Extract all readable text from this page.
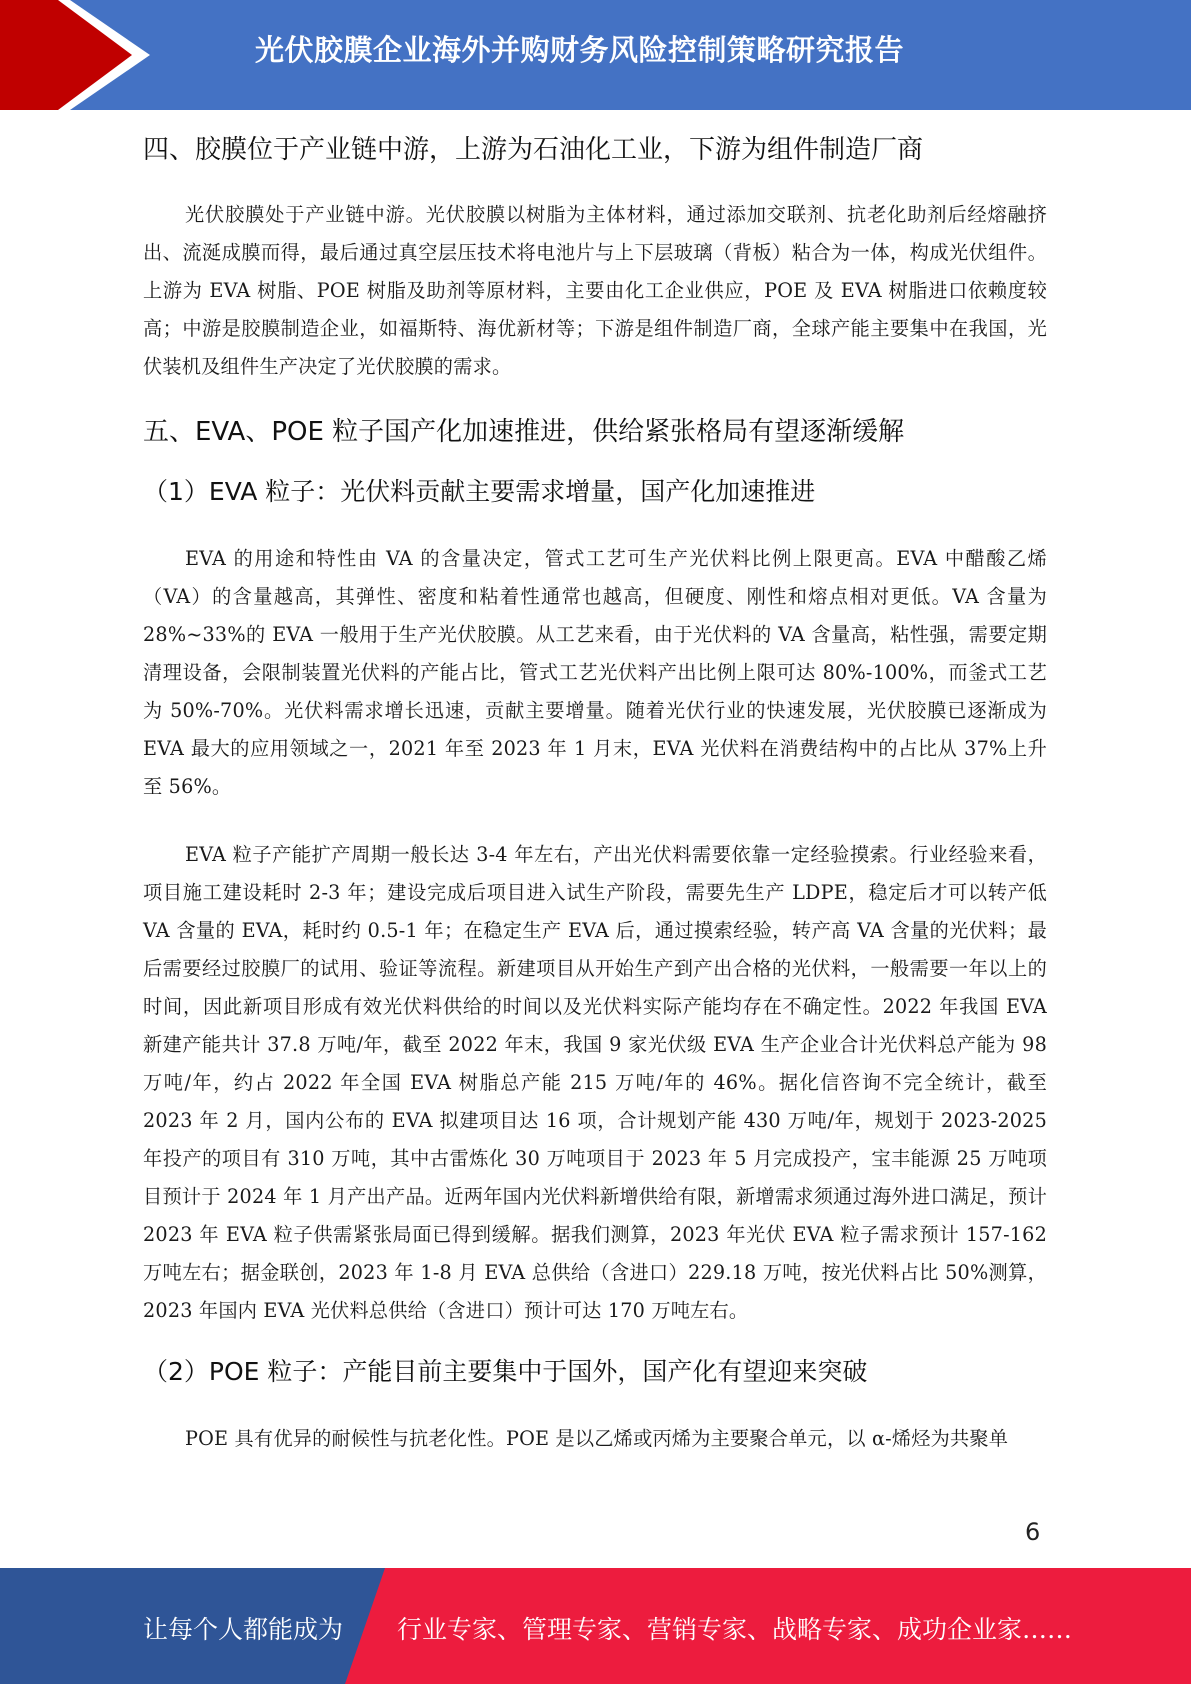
光伏胶膜企业海外并购财务风险控制策略研究报告
四、胶膜位于产业链中游，上游为石油化工业，下游为组件制造厂商

光伏胶膜处于产业链中游。光伏胶膜以树脂为主体材料，通过添加交联剂、抗老化助剂后经熔融挤出、流涎成膜而得，最后通过真空层压技术将电池片与上下层玻璃（背板）粘合为一体，构成光伏组件。上游为 EVA 树脂、POE 树脂及助剂等原材料，主要由化工企业供应，POE 及 EVA 树脂进口依赖度较高；中游是胶膜制造企业，如福斯特、海优新材等；下游是组件制造厂商，全球产能主要集中在我国，光伏装机及组件生产决定了光伏胶膜的需求。

五、EVA、POE 粒子国产化加速推进，供给紧张格局有望逐渐缓解
（1）EVA 粒子：光伏料贡献主要需求增量，国产化加速推进

EVA 的用途和特性由 VA 的含量决定，管式工艺可生产光伏料比例上限更高。EVA 中醋酸乙烯（VA）的含量越高，其弹性、密度和粘着性通常也越高，但硬度、刚性和熔点相对更低。VA 含量为 28%~33%的 EVA 一般用于生产光伏胶膜。从工艺来看，由于光伏料的 VA 含量高，粘性强，需要定期清理设备，会限制装置光伏料的产能占比，管式工艺光伏料产出比例上限可达 80%-100%，而釜式工艺为 50%-70%。光伏料需求增长迅速，贡献主要增量。随着光伏行业的快速发展，光伏胶膜已逐渐成为 EVA 最大的应用领域之一，2021 年至 2023 年 1 月末，EVA 光伏料在消费结构中的占比从 37%上升至 56%。

EVA 粒子产能扩产周期一般长达 3-4 年左右，产出光伏料需要依靠一定经验摸索。行业经验来看，项目施工建设耗时 2-3 年；建设完成后项目进入试生产阶段，需要先生产 LDPE，稳定后才可以转产低 VA 含量的 EVA，耗时约 0.5-1 年；在稳定生产 EVA 后，通过摸索经验，转产高 VA 含量的光伏料；最后需要经过胶膜厂的试用、验证等流程。新建项目从开始生产到产出合格的光伏料，一般需要一年以上的时间，因此新项目形成有效光伏料供给的时间以及光伏料实际产能均存在不确定性。2022 年我国 EVA 新建产能共计 37.8 万吨/年，截至 2022 年末，我国 9 家光伏级 EVA 生产企业合计光伏料总产能为 98 万吨/年，约占 2022 年全国 EVA 树脂总产能 215 万吨/年的 46%。据化信咨询不完全统计，截至 2023 年 2 月，国内公布的 EVA 拟建项目达 16 项，合计规划产能 430 万吨/年，规划于 2023-2025 年投产的项目有 310 万吨，其中古雷炼化 30 万吨项目于 2023 年 5 月完成投产，宝丰能源 25 万吨项目预计于 2024 年 1 月产出产品。近两年国内光伏料新增供给有限，新增需求须通过海外进口满足，预计 2023 年 EVA 粒子供需紧张局面已得到缓解。据我们测算，2023 年光伏 EVA 粒子需求预计 157-162 万吨左右；据金联创，2023 年 1-8 月 EVA 总供给（含进口）229.18 万吨，按光伏料占比 50%测算，2023 年国内 EVA 光伏料总供给（含进口）预计可达 170 万吨左右。

（2）POE 粒子：产能目前主要集中于国外，国产化有望迎来突破

POE 具有优异的耐候性与抗老化性。POE 是以乙烯或丙烯为主要聚合单元，以 α-烯烃为共聚单

6
让每个人都能成为 行业专家、管理专家、营销专家、战略专家、成功企业家……
